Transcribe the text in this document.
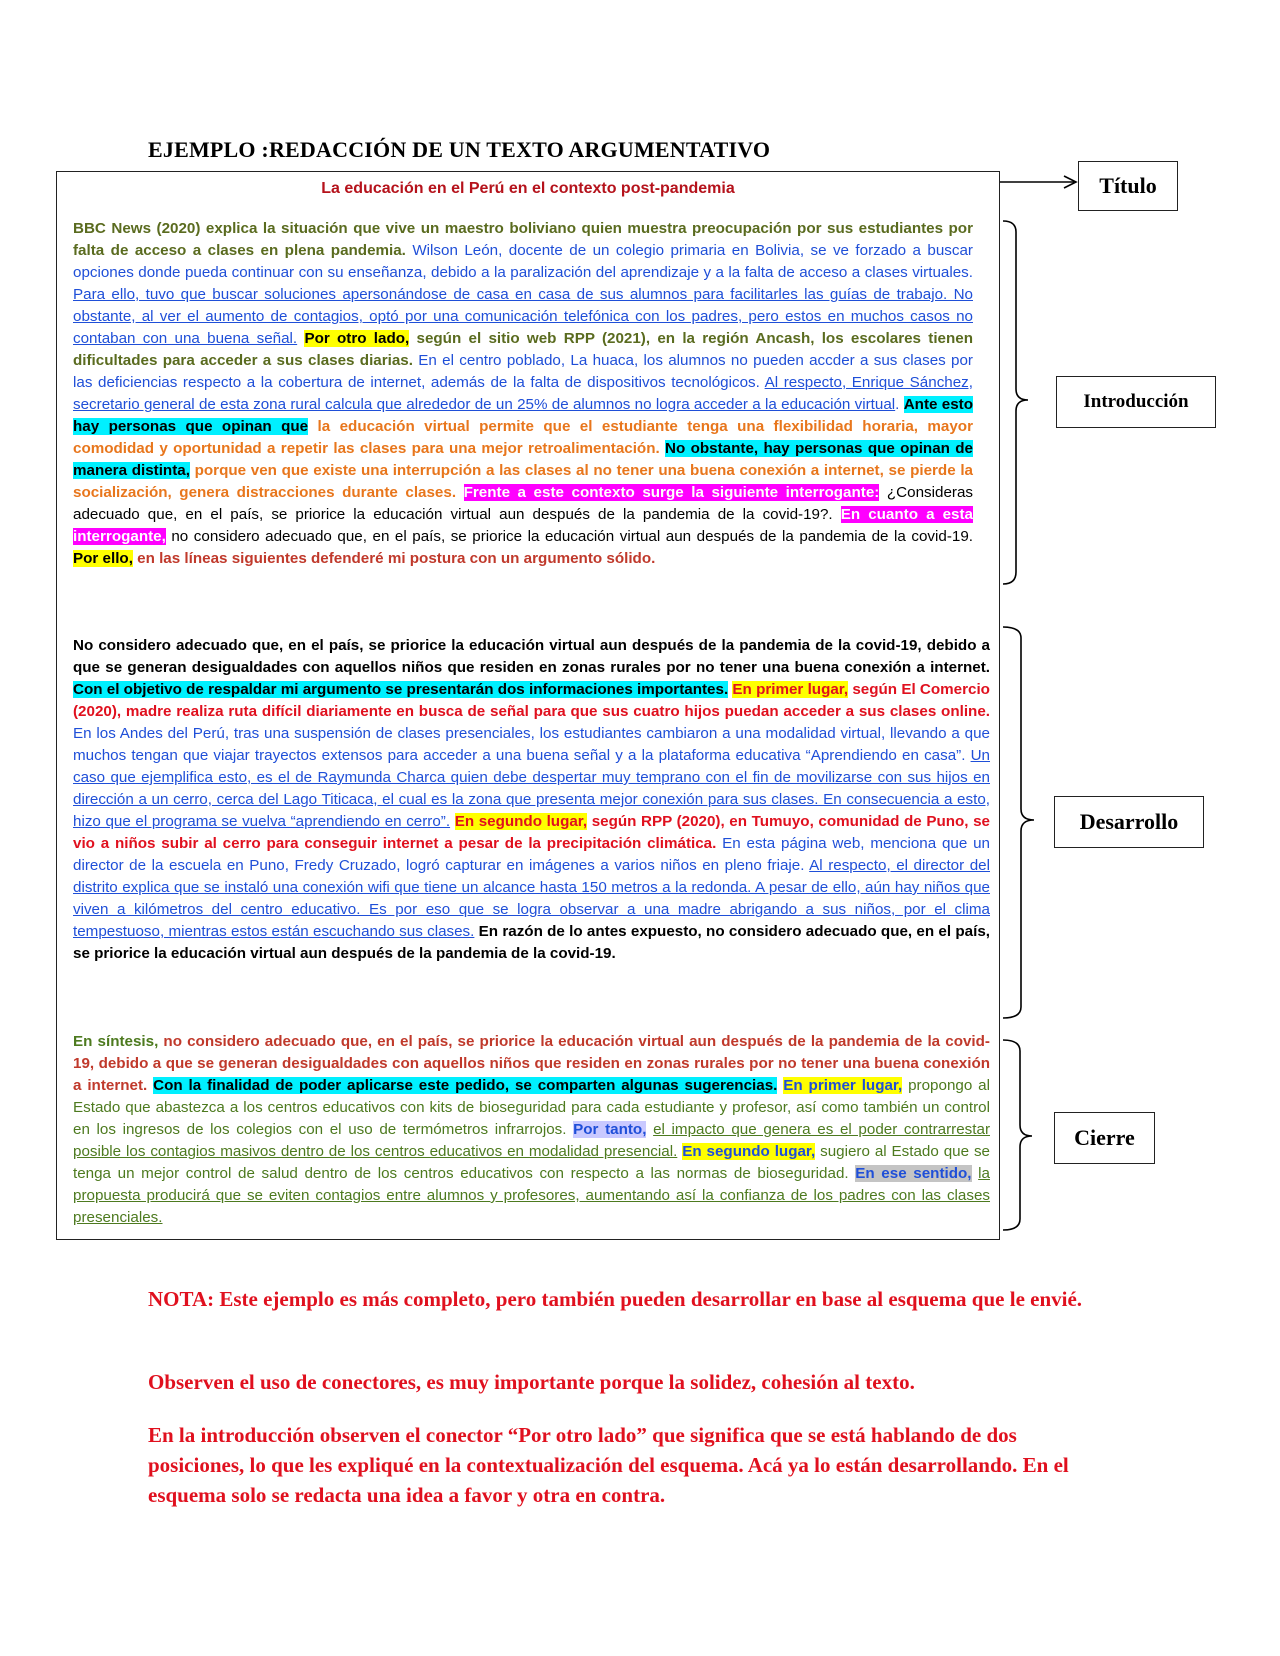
EJEMPLO :REDACCIÓN DE UN TEXTO ARGUMENTATIVO
La educación en el Perú en el contexto post-pandemia
BBC News (2020) explica la situación que vive un maestro boliviano quien muestra preocupación por sus estudiantes por falta de acceso a clases en plena pandemia. Wilson León, docente de un colegio primaria en Bolivia, se ve forzado a buscar opciones donde pueda continuar con su enseñanza, debido a la paralización del aprendizaje y a la falta de acceso a clases virtuales. Para ello, tuvo que buscar soluciones apersonándose de casa en casa de sus alumnos para facilitarles las guías de trabajo. No obstante, al ver el aumento de contagios, optó por una comunicación telefónica con los padres, pero estos en muchos casos no contaban con una buena señal. Por otro lado, según el sitio web RPP (2021), en la región Ancash, los escolares tienen dificultades para acceder a sus clases diarias. En el centro poblado, La huaca, los alumnos no pueden accder a sus clases por las deficiencias respecto a la cobertura de internet, además de la falta de dispositivos tecnológicos. Al respecto, Enrique Sánchez, secretario general de esta zona rural calcula que alrededor de un 25% de alumnos no logra acceder a la educación virtual. Ante esto hay personas que opinan que la educación virtual permite que el estudiante tenga una flexibilidad horaria, mayor comodidad y oportunidad a repetir las clases para una mejor retroalimentación. No obstante, hay personas que opinan de manera distinta, porque ven que existe una interrupción a las clases al no tener una buena conexión a internet, se pierde la socialización, genera distracciones durante clases. Frente a este contexto surge la siguiente interrogante: ¿Consideras adecuado que, en el país, se priorice la educación virtual aun después de la pandemia de la covid-19?. En cuanto a esta interrogante, no considero adecuado que, en el país, se priorice la educación virtual aun después de la pandemia de la covid-19. Por ello, en las líneas siguientes defenderé mi postura con un argumento sólido.
No considero adecuado que, en el país, se priorice la educación virtual aun después de la pandemia de la covid-19, debido a que se generan desigualdades con aquellos niños que residen en zonas rurales por no tener una buena conexión a internet. Con el objetivo de respaldar mi argumento se presentarán dos informaciones importantes. En primer lugar, según El Comercio (2020), madre realiza ruta difícil diariamente en busca de señal para que sus cuatro hijos puedan acceder a sus clases online. En los Andes del Perú, tras una suspensión de clases presenciales, los estudiantes cambiaron a una modalidad virtual, llevando a que muchos tengan que viajar trayectos extensos para acceder a una buena señal y a la plataforma educativa “Aprendiendo en casa”. Un caso que ejemplifica esto, es el de Raymunda Charca quien debe despertar muy temprano con el fin de movilizarse con sus hijos en dirección a un cerro, cerca del Lago Titicaca, el cual es la zona que presenta mejor conexión para sus clases. En consecuencia a esto, hizo que el programa se vuelva “aprendiendo en cerro”. En segundo lugar, según RPP (2020), en Tumuyo, comunidad de Puno, se vio a niños subir al cerro para conseguir internet a pesar de la precipitación climática. En esta página web, menciona que un director de la escuela en Puno, Fredy Cruzado, logró capturar en imágenes a varios niños en pleno friaje. Al respecto, el director del distrito explica que se instaló una conexión wifi que tiene un alcance hasta 150 metros a la redonda. A pesar de ello, aún hay niños que viven a kilómetros del centro educativo. Es por eso que se logra observar a una madre abrigando a sus niños, por el clima tempestuoso, mientras estos están escuchando sus clases. En razón de lo antes expuesto, no considero adecuado que, en el país, se priorice la educación virtual aun después de la pandemia de la covid-19.
En síntesis, no considero adecuado que, en el país, se priorice la educación virtual aun después de la pandemia de la covid-19, debido a que se generan desigualdades con aquellos niños que residen en zonas rurales por no tener una buena conexión a internet. Con la finalidad de poder aplicarse este pedido, se comparten algunas sugerencias. En primer lugar, propongo al Estado que abastezca a los centros educativos con kits de bioseguridad para cada estudiante y profesor, así como también un control en los ingresos de los colegios con el uso de termómetros infrarrojos. Por tanto, el impacto que genera es el poder contrarrestar posible los contagios masivos dentro de los centros educativos en modalidad presencial. En segundo lugar, sugiero al Estado que se tenga un mejor control de salud dentro de los centros educativos con respecto a las normas de bioseguridad. En ese sentido, la propuesta producirá que se eviten contagios entre alumnos y profesores, aumentando así la confianza de los padres con las clases presenciales.
Título
Introducción
Desarrollo
Cierre
NOTA: Este ejemplo es más completo, pero también pueden desarrollar en base al esquema que le envié.
Observen el uso de conectores, es muy importante porque la solidez, cohesión al texto.
En la introducción observen el conector “Por otro lado” que significa que se está hablando de dos posiciones, lo que les expliqué en la contextualización del esquema. Acá ya lo están desarrollando. En el esquema solo se redacta una idea a favor y otra en contra.
